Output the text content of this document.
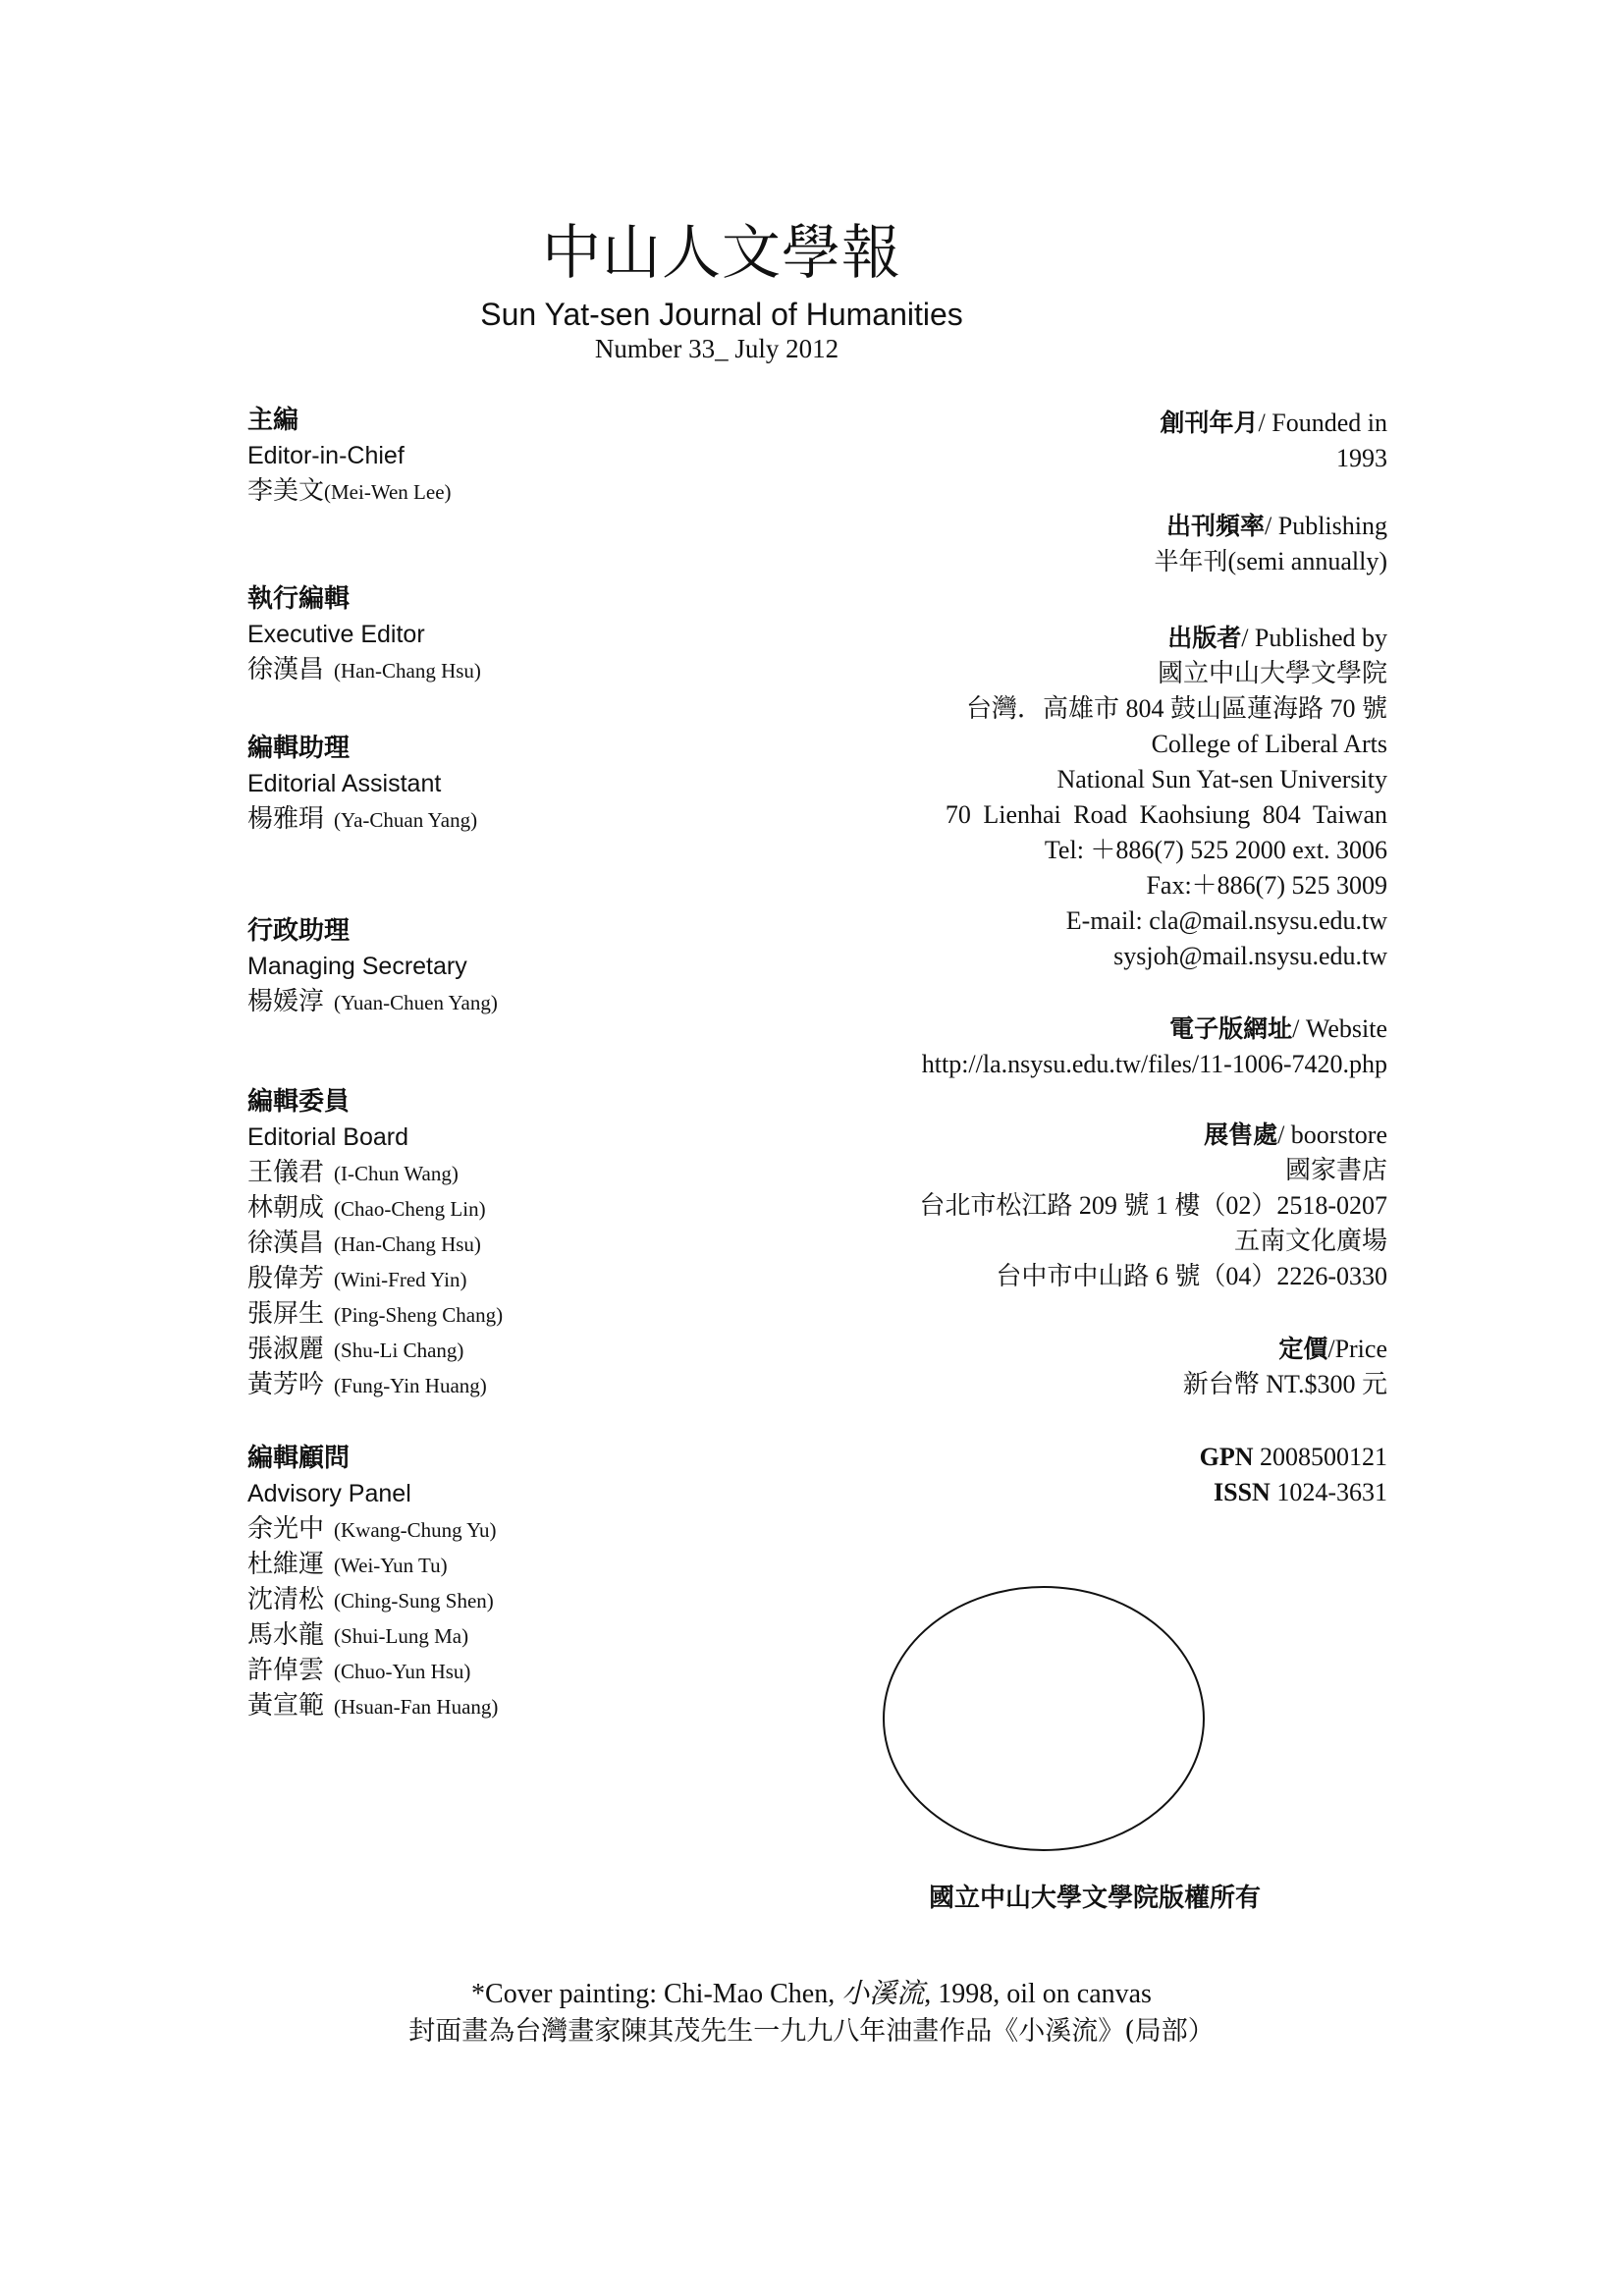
中山人文學報
Sun Yat-sen Journal of Humanities
Number 33_ July 2012
主編
Editor-in-Chief
李美文(Mei-Wen Lee)
執行編輯
Executive Editor
徐漢昌 (Han-Chang Hsu)
編輯助理
Editorial Assistant
楊雅琄 (Ya-Chuan Yang)
行政助理
Managing Secretary
楊媛淳 (Yuan-Chuen Yang)
編輯委員
Editorial Board
王儀君 (I-Chun Wang)
林朝成 (Chao-Cheng Lin)
徐漢昌 (Han-Chang Hsu)
殷偉芳 (Wini-Fred Yin)
張屏生 (Ping-Sheng Chang)
張淑麗 (Shu-Li Chang)
黃芳吟 (Fung-Yin Huang)
編輯顧問
Advisory Panel
余光中 (Kwang-Chung Yu)
杜維運 (Wei-Yun Tu)
沈清松 (Ching-Sung Shen)
馬水龍 (Shui-Lung Ma)
許倬雲 (Chuo-Yun Hsu)
黃宣範 (Hsuan-Fan Huang)
創刊年月/ Founded in
1993
出刊頻率/ Publishing
半年刊(semi annually)
出版者/ Published by
國立中山大學文學院
台灣．高雄市 804 鼓山區蓮海路 70 號
College of Liberal Arts
National Sun Yat-sen University
70 Lienhai Road Kaohsiung 804 Taiwan
Tel: ＋886(7) 525 2000 ext. 3006
Fax:＋886(7) 525 3009
E-mail: cla@mail.nsysu.edu.tw
sysjoh@mail.nsysu.edu.tw
電子版網址/ Website
http://la.nsysu.edu.tw/files/11-1006-7420.php
展售處/ boorstore
國家書店
台北市松江路 209 號 1 樓（02）2518-0207
五南文化廣場
台中市中山路 6 號（04）2226-0330
定價/Price
新台幣 NT.$300 元
GPN 2008500121
ISSN 1024-3631
國立中山大學文學院版權所有
*Cover painting: Chi-Mao Chen, 小溪流, 1998, oil on canvas
封面畫為台灣畫家陳其茂先生一九九八年油畫作品《小溪流》(局部）
